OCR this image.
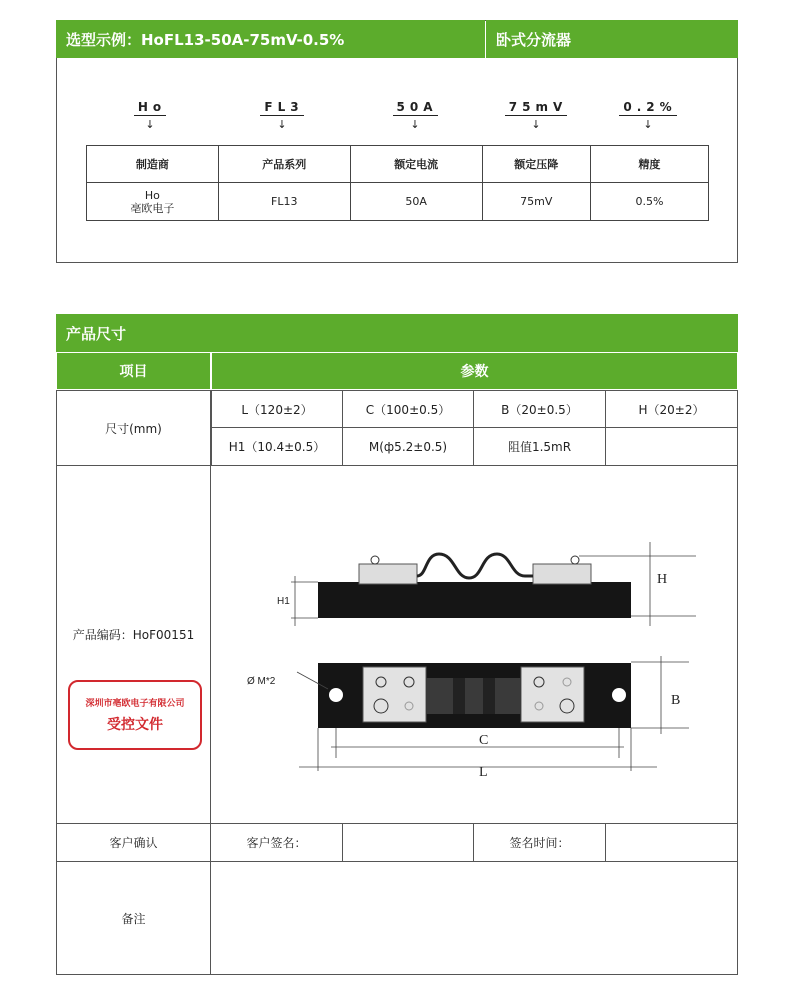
选型示例：HoFL13-50A-75mV-0.5%	卧式分流器
Ho
↓
FL3
↓
50A
↓
75mV
↓
0.2%
↓
制造商	产品系列	额定电流	额定压降	精度
Ho
亳欧电子	FL13	50A	75mV	0.5%
产品尺寸
项目	参数
尺寸(mm)
L（120±2）	C（100±0.5）	B（20±0.5）	H（20±2）
H1（10.4±0.5）	M(ф5.2±0.5)	阻值1.5mR
产品编码：HoF00151
深圳市亳欧电子有限公司
受控文件
H
H1
Ø M*2
B
C
L
客户确认	客户签名：	签名时间：
备注
